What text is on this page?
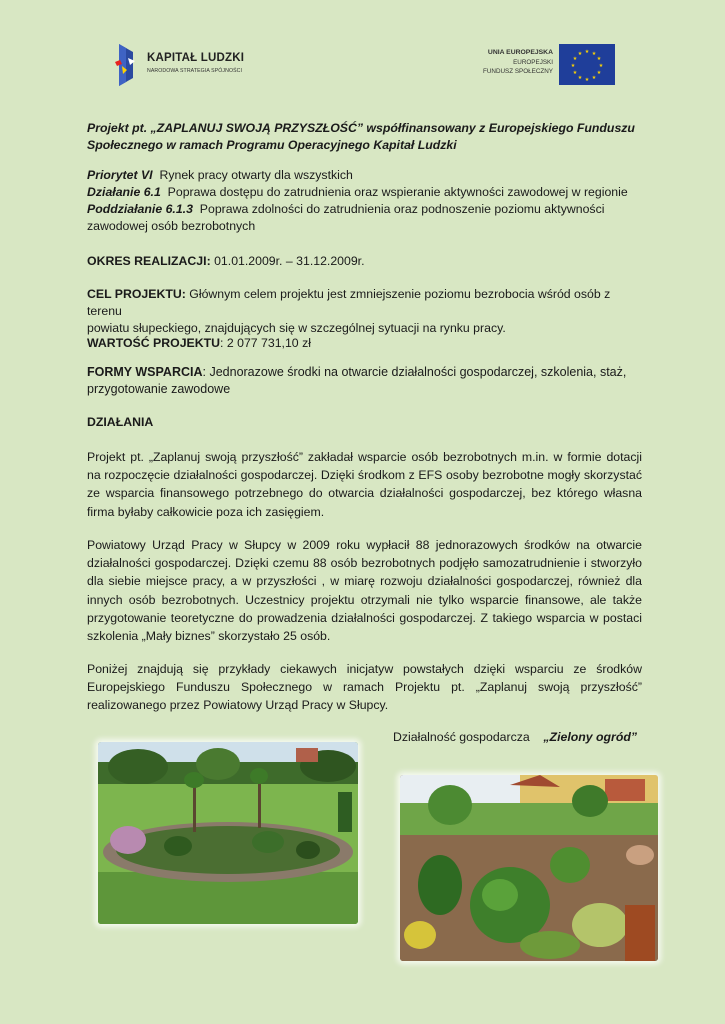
KAPITAŁ LUDZKI
NARODOWA STRATEGIA SPÓJNOŚCI
UNIA EUROPEJSKA
EUROPEJSKI
FUNDUSZ SPOŁECZNY
★ ★
★
★
★
★
★
★
★
★
★
★
Projekt pt. „ZAPLANUJ SWOJĄ PRZYSZŁOŚĆ” współfinansowany z Europejskiego Funduszu
Społecznego w ramach Programu Operacyjnego Kapitał Ludzki
Priorytet VI Rynek pracy otwarty dla wszystkich
Działanie 6.1 Poprawa dostępu do zatrudnienia oraz wspieranie aktywności zawodowej w regionie
Poddziałanie 6.1.3 Poprawa zdolności do zatrudnienia oraz podnoszenie poziomu aktywności
zawodowej osób bezrobotnych
OKRES REALIZACJI: 01.01.2009r. – 31.12.2009r.
CEL PROJEKTU: Głównym celem projektu jest zmniejszenie poziomu bezrobocia wśród osób z terenu
powiatu słupeckiego, znajdujących się w szczególnej sytuacji na rynku pracy.
WARTOŚĆ PROJEKTU: 2 077 731,10 zł
FORMY WSPARCIA: Jednorazowe środki na otwarcie działalności gospodarczej, szkolenia, staż,
przygotowanie zawodowe
DZIAŁANIA
Projekt pt. „Zaplanuj swoją przyszłość” zakładał wsparcie osób bezrobotnych m.in. w formie dotacji
na rozpoczęcie działalności gospodarczej. Dzięki środkom z EFS osoby bezrobotne mogły skorzystać
ze wsparcia finansowego potrzebnego do otwarcia działalności gospodarczej, bez którego własna
firma byłaby całkowicie poza ich zasięgiem.
Powiatowy Urząd Pracy w Słupcy w 2009 roku wypłacił 88 jednorazowych środków na otwarcie
działalności gospodarczej. Dzięki czemu 88 osób bezrobotnych podjęło samozatrudnienie i stworzyło
dla siebie miejsce pracy, a w przyszłości , w miarę rozwoju działalności gospodarczej, również dla
innych osób bezrobotnych. Uczestnicy projektu otrzymali nie tylko wsparcie finansowe, ale także
przygotowanie teoretyczne do prowadzenia działalności gospodarczej. Z takiego wsparcia w postaci
szkolenia „Mały biznes” skorzystało 25 osób.
Poniżej znajdują się przykłady ciekawych inicjatyw powstałych dzięki wsparciu ze środków
Europejskiego Funduszu Społecznego w ramach Projektu pt. „Zaplanuj swoją przyszłość”
realizowanego przez Powiatowy Urząd Pracy w Słupcy.
Działalność gospodarcza „Zielony ogród”
